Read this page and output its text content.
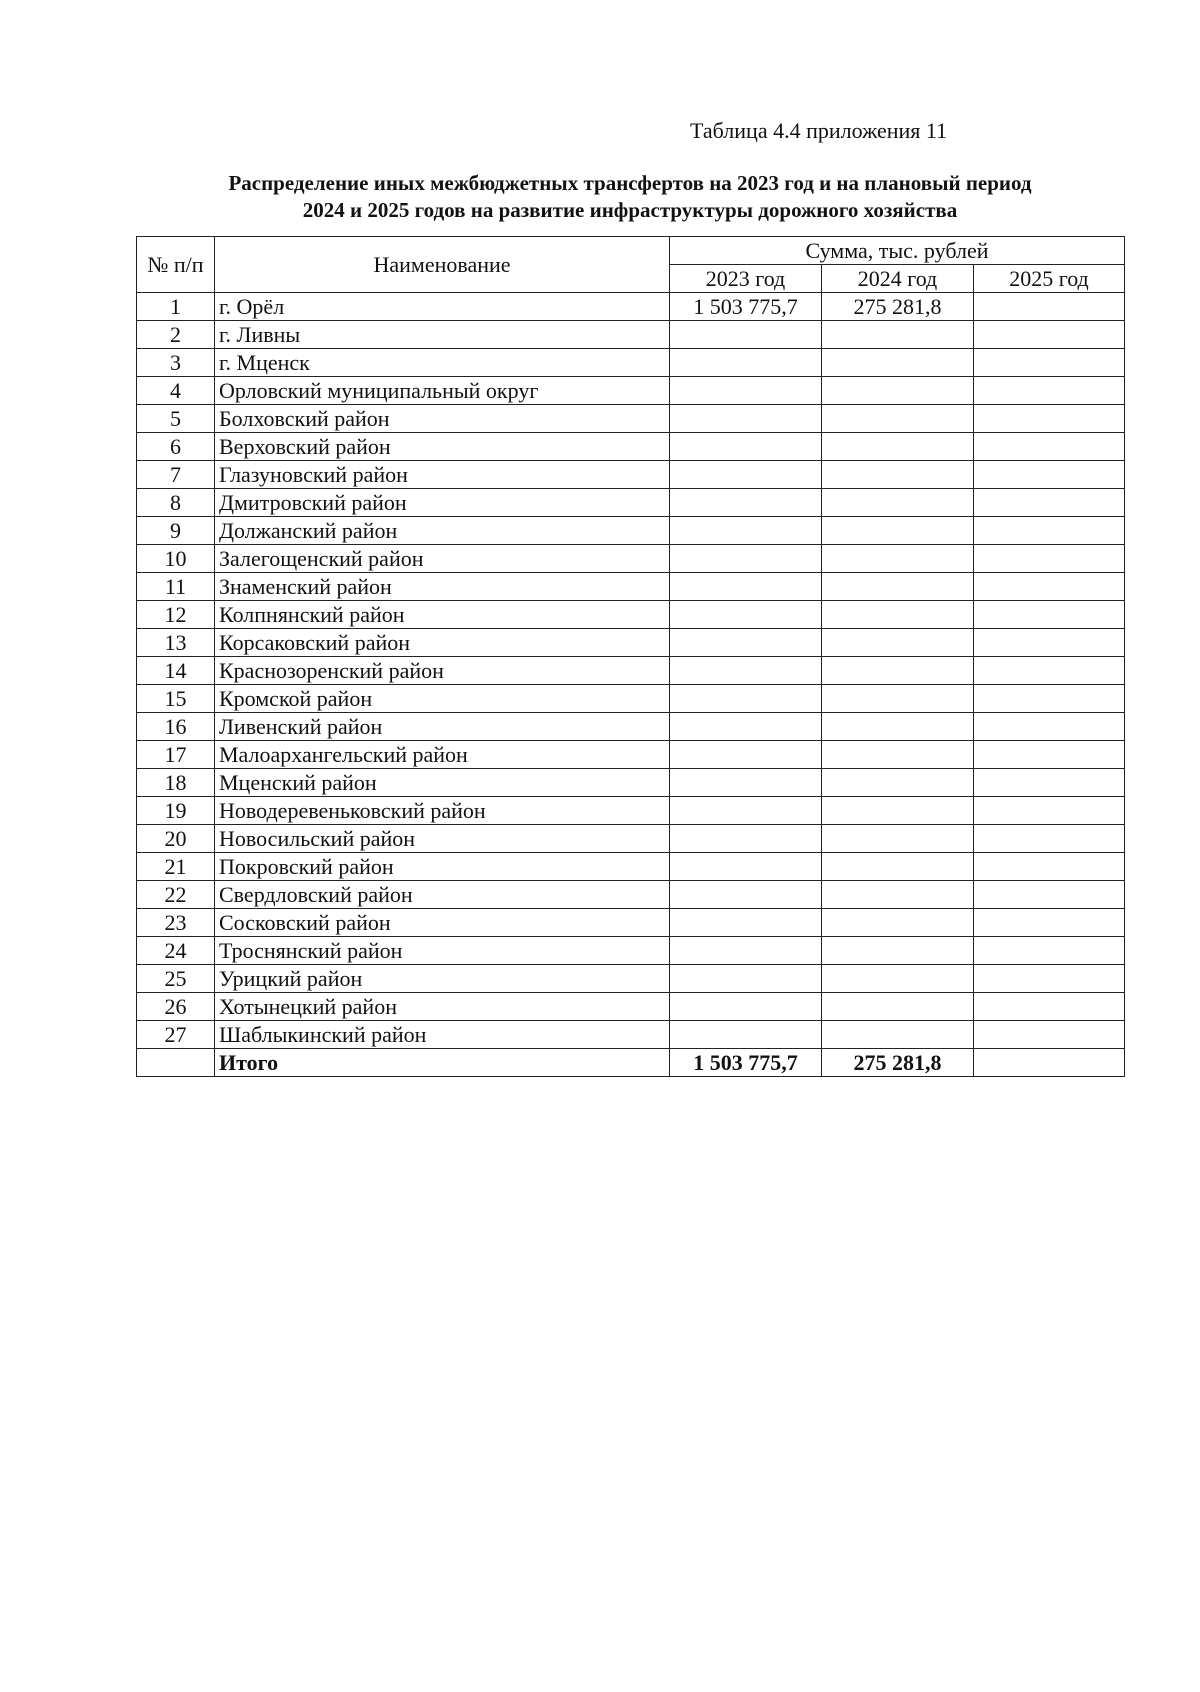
Таблица 4.4 приложения 11
Распределение иных межбюджетных трансфертов на 2023 год и на плановый период
2024 и 2025 годов на развитие инфраструктуры дорожного хозяйства
№ п/п	Наименование	Сумма, тыс. рублей		
		2023 год	2024 год	2025 год
1	г. Орёл	1 503 775,7	275 281,8	
2	г. Ливны			
3	г. Мценск			
4	Орловский муниципальный округ			
5	Болховский район			
6	Верховский район			
7	Глазуновский район			
8	Дмитровский район			
9	Должанский район			
10	Залегощенский район			
11	Знаменский район			
12	Колпнянский район			
13	Корсаковский район			
14	Краснозоренский район			
15	Кромской район			
16	Ливенский район			
17	Малоархангельский район			
18	Мценский район			
19	Новодеревеньковский район			
20	Новосильский район			
21	Покровский район			
22	Свердловский район			
23	Сосковский район			
24	Троснянский район			
25	Урицкий район			
26	Хотынецкий район			
27	Шаблыкинский район			
	Итого	1 503 775,7	275 281,8	
